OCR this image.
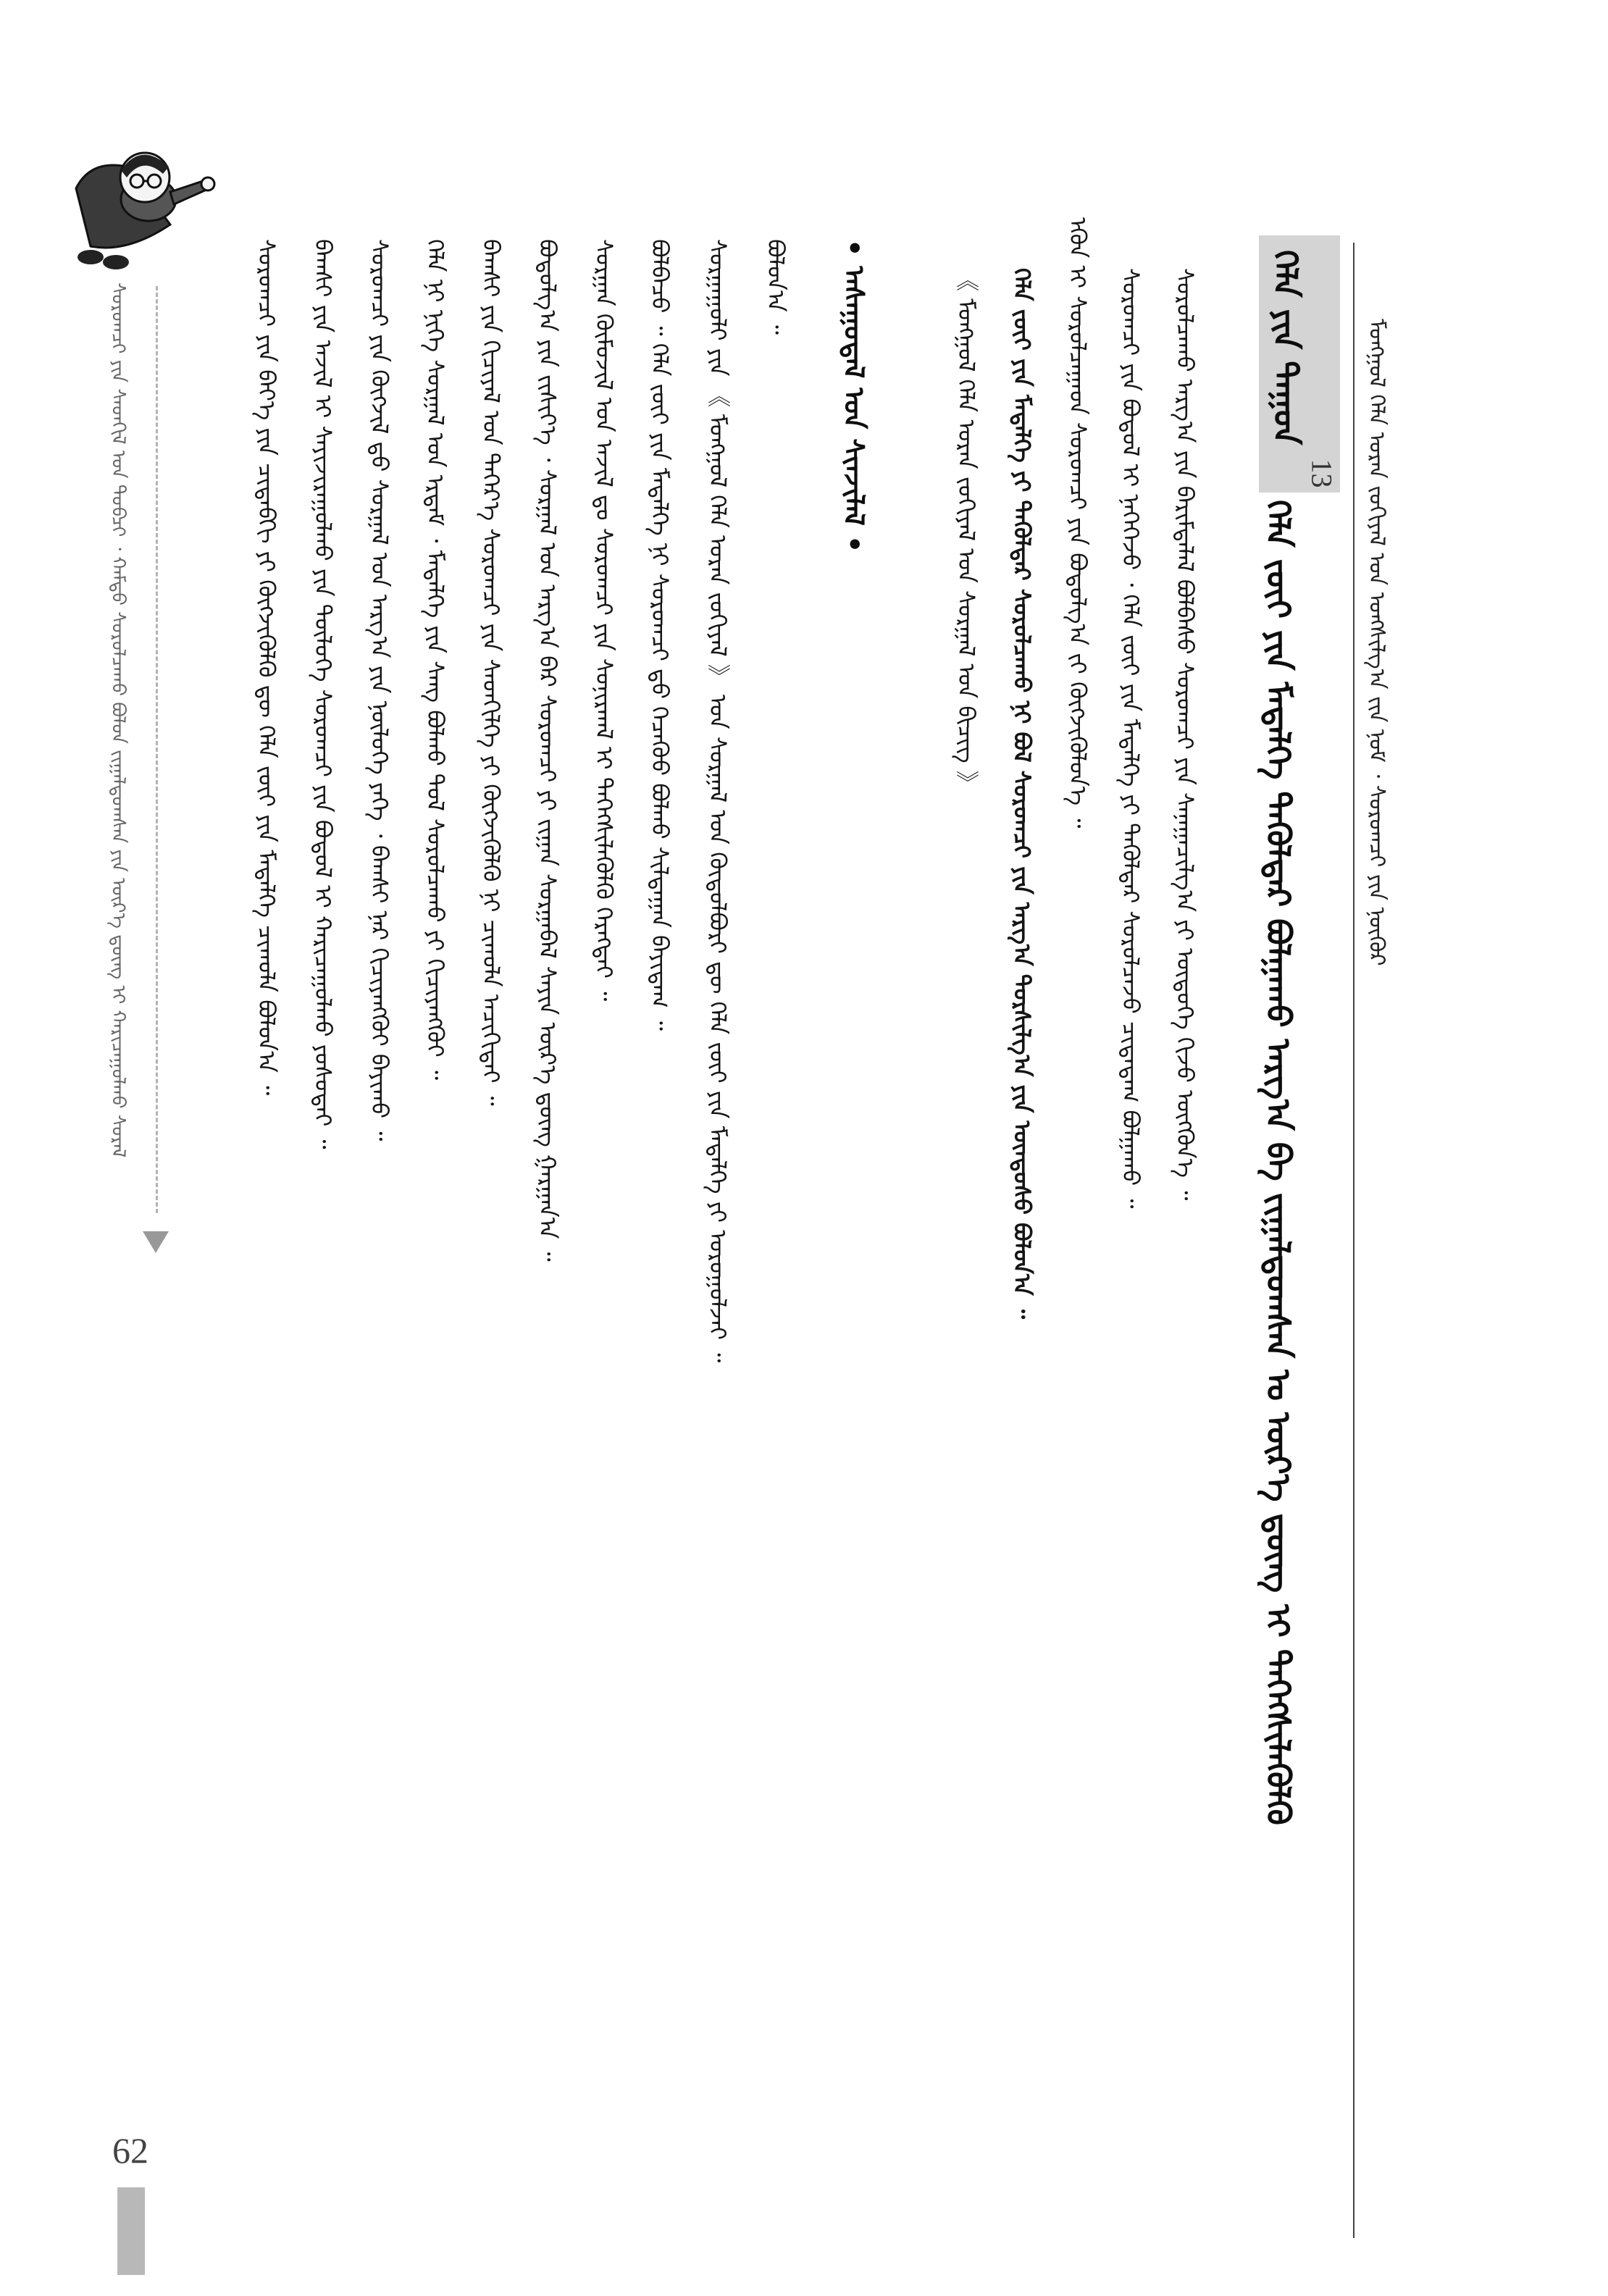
ᠮᠣᠩᠭᠣᠯ ᠬᠡᠯᠡ ᠤᠷᠠᠨ ᠵᠣᠬᠢᠶᠠᠯ ᠤᠨ ᠤᠩᠰᠢᠯᠭ᠎ᠠ ᠵᠢᠨ ᠨᠣᠮ ᠂ ᠰᠤᠷᠤᠭᠴᠢ ᠶᠢᠨ ᠨᠥᠬᠥᠷ
ᠬᠡᠯᠡ ᠶᠢᠨ ᠳᠠᠭᠤᠨ
13
ᠬᠡᠯᠡ ᠵᠦᠢ ᠶᠢᠨ ᠮᠡᠳᠡᠯᠭᠡ ᠲᠡᠭᠦᠯᠳᠡᠷ ᠪᠣᠯᠭᠠᠬᠤ ᠠᠷᠭ᠎ᠠ ᠪᠠ ᠵᠢᠭᠠᠯᠳᠤᠭᠰᠠᠨ ᠤ ᠦᠷ᠎ᠡ ᠳ᠋ᠦᠩ ᠢ ᠳᠡᠭᠡᠭᠰᠢᠯᠡᠭᠦᠯᠬᠦ
ᠰᠤᠷᠤᠯᠴᠠᠬᠤ ᠠᠷᠭ᠎ᠠ ᠶᠢᠨ ᠪᠠᠷᠢᠮᠲᠠᠯᠠᠯ ᠪᠣᠯᠪᠠᠰᠤ ᠰᠤᠷᠤᠭᠴᠢ ᠶᠢᠨ ᠰᠠᠨᠠᠭᠠᠴᠢᠯᠭ᠎ᠠ ᠶᠢ ᠦᠳᠦᠭᠡ ᠬᠢᠵᠦ ᠥᠭᠭᠦᠨ᠎ᠡ ᠃
ᠰᠤᠷᠤᠭᠴᠢ ᠶᠢᠨ ᠪᠣᠳᠣᠯ ᠢ ᠨᠡᠭᠡᠭᠡᠵᠦ ᠂ ᠬᠡᠯᠡ ᠵᠦᠢ ᠶᠢᠨ ᠮᠡᠳᠡᠯᠭᠡ ᠶᠢ ᠲᠡᠭᠦᠯᠳᠡᠷ ᠰᠤᠷᠤᠯᠴᠠᠵᠤ ᠴᠢᠳᠠᠳᠠᠭ ᠪᠣᠯᠭᠠᠬᠤ ᠃
ᠡᠭᠦᠨ ᠢ ᠰᠤᠷᠤᠯᠴᠠᠭᠠᠳ ᠰᠤᠷᠤᠭᠴᠢ ᠶᠢᠨ ᠪᠣᠳᠣᠯᠭ᠎ᠠ ᠵᠢ ᠬᠥᠭᠵᠢᠭᠦᠯᠦᠨ᠎ᠡ ᠃
ᠬᠡᠯᠡ ᠵᠦᠢ ᠶᠢᠨ ᠮᠡᠳᠡᠯᠭᠡ ᠶᠢ ᠲᠡᠭᠦᠯᠳᠡᠷ ᠰᠤᠷᠤᠯᠴᠠᠬᠤ ᠨᠢ ᠪᠣᠯ ᠰᠤᠷᠤᠭᠴᠢ ᠶᠢᠨ ᠠᠷᠭ᠎ᠠ ᠲᠤᠷᠰᠢᠯᠭ᠎ᠠ ᠶᠢᠨ ᠦᠨᠳᠦᠰᠦ ᠪᠣᠯᠤᠨ᠎ᠠ ᠃
《 ᠮᠣᠩᠭᠣᠯ ᠬᠡᠯᠡ ᠤᠷᠠᠨ ᠵᠣᠬᠢᠶᠠᠯ ᠤᠨ ᠰᠤᠷᠭᠠᠯ ᠤᠨ ᠪᠢᠴᠢᠭ 》
• ᠠᠰᠠᠭᠤᠳᠠᠯ ᠤᠨ ᠰᠢᠨᠵᠢᠯᠡᠯ •
ᠪᠣᠯᠤᠨ᠎ᠠ ᠃
ᠰᠤᠷᠭᠠᠭᠤᠯᠢ ᠶᠢᠨ 《 ᠮᠣᠩᠭᠣᠯ ᠬᠡᠯᠡ ᠤᠷᠠᠨ ᠵᠣᠬᠢᠶᠠᠯ 》 ᠤᠨ ᠰᠤᠷᠭᠠᠯ ᠤᠨ ᠬᠥᠲᠥᠯᠪᠦᠷᠢ ᠳᠦ ᠬᠡᠯᠡ ᠵᠦᠢ ᠶᠢᠨ ᠮᠡᠳᠡᠯᠭᠡ ᠶᠢ ᠣᠷᠣᠭᠤᠯᠵᠠᠢ ᠃
ᠪᠣᠯᠪᠠᠴᠤ ᠃ ᠬᠡᠯᠡ ᠵᠦᠢ ᠶᠢᠨ ᠮᠡᠳᠡᠯᠭᠡ ᠨᠢ ᠰᠤᠷᠤᠭᠴᠢ ᠳ᠋ᠤ ᠬᠡᠴᠡᠭᠦᠦ ᠪᠣᠯᠬᠤ ᠰᠢᠯᠲᠠᠭᠠᠨ ᠪᠠᠶᠢᠳᠠᠭ ᠃
ᠰᠤᠷᠭᠠᠨ ᠬᠦᠮᠦᠵᠢᠯ ᠤᠨ ᠠᠵᠢᠯ ᠳᠤ ᠰᠤᠷᠤᠭᠴᠢ ᠶᠢᠨ ᠰᠣᠨᠢᠷᠬᠠᠯ ᠢ ᠳᠡᠭᠡᠭᠰᠢᠯᠡᠭᠦᠯᠬᠦ ᠬᠡᠷᠡᠭᠲᠡᠢ ᠃
ᠪᠣᠳᠣᠯᠭ᠎ᠠ ᠶᠢᠨ ᠵᠢᠱᠢᠶ᠎ᠡ ᠂ ᠰᠤᠷᠭᠠᠯ ᠤᠨ ᠠᠷᠭ᠎ᠠ ᠪᠠᠷ ᠰᠤᠷᠤᠭᠴᠢ ᠶᠢ ᠵᠢᠭᠠᠨ ᠰᠤᠷᠭᠠᠪᠠᠯ ᠰᠠᠶᠢᠨ ᠦᠷ᠎ᠡ ᠳ᠋ᠦᠩ ᠭᠠᠷᠭᠠᠨ᠎ᠠ ᠃
ᠪᠠᠭᠰᠢ ᠶᠢᠨ ᠬᠢᠴᠢᠶᠡᠯ ᠤᠨ ᠳᠡᠭᠡᠷ᠎ᠡ ᠰᠤᠷᠤᠭᠴᠢ ᠶᠢᠨ ᠰᠡᠳᠬᠢᠯᠭᠡ ᠶᠢ ᠬᠥᠭᠵᠢᠭᠦᠯᠬᠦ ᠨᠢ ᠴᠢᠬᠤᠯᠠ ᠠᠴᠢᠬᠢᠲᠠᠢ ᠃
ᠬᠡᠯᠡ ᠨᠢ ᠨᠢᠭᠡ ᠰᠤᠷᠭᠠᠯ ᠤᠨ ᠡᠷᠲᠡᠮ ᠂ ᠮᠡᠳᠡᠯᠭᠡ ᠶᠢᠨ ᠰᠠᠩ ᠪᠣᠯᠬᠤ ᠲᠤᠯ ᠰᠤᠷᠤᠯᠴᠠᠬᠤ ᠶᠢ ᠬᠢᠴᠢᠶᠡᠩᠭᠦᠢ ᠃
ᠰᠤᠷᠤᠭᠴᠢ ᠶᠢᠨ ᠬᠥᠭᠵᠢᠯ ᠳ᠋ᠦ ᠰᠤᠷᠭᠠᠯ ᠤᠨ ᠠᠷᠭ᠎ᠠ ᠶᠢᠨ ᠨᠥᠯᠥᠭᠡ ᠶᠡᠬᠡ ᠂ ᠪᠠᠭᠰᠢ ᠨᠠᠷ ᠬᠢᠴᠢᠶᠡᠩᠭᠦᠢ ᠪᠠᠶᠢᠬᠤ ᠃
ᠪᠠᠭᠰᠢ ᠶᠢᠨ ᠠᠵᠢᠯ ᠢ ᠰᠠᠶᠢᠵᠢᠷᠠᠭᠤᠯᠬᠤ ᠶᠢᠨ ᠲᠥᠯᠥᠭᠡ ᠰᠤᠷᠤᠭᠴᠢ ᠶᠢᠨ ᠪᠣᠳᠣᠯ ᠢ ᠬᠠᠷᠢᠴᠠᠭᠤᠯᠬᠤ ᠶᠣᠰᠣᠲᠠᠢ ᠃
ᠰᠤᠷᠤᠭᠴᠢ ᠶᠢᠨ ᠪᠡᠶ᠎ᠡ ᠶᠢᠨ ᠴᠢᠳᠠᠪᠬᠢ ᠶᠢ ᠬᠥᠭᠵᠢᠭᠦᠯᠬᠦ ᠳᠦ ᠬᠡᠯᠡ ᠵᠦᠢ ᠶᠢᠨ ᠮᠡᠳᠡᠯᠭᠡ ᠴᠢᠬᠤᠯᠠ ᠪᠣᠯᠤᠨ᠎ᠠ ᠃
ᠰᠤᠷᠤᠭᠴᠢ ᠶᠢᠨ ᠰᠡᠳᠬᠢᠯ ᠤᠨ ᠲᠣᠪᠴᠢ ᠂ ᠬᠠᠮᠲᠤ ᠰᠤᠷᠤᠯᠴᠠᠬᠤ ᠪᠣᠯᠣᠨ ᠵᠢᠭᠠᠯᠳᠤᠭᠰᠠᠨ ᠶᠢᠨ ᠦᠷ᠎ᠡ ᠳ᠋ᠦᠩ ᠢ ᠬᠠᠷᠢᠴᠠᠭᠤᠯᠬᠤ ᠰᠤᠷᠠᠯ
62
